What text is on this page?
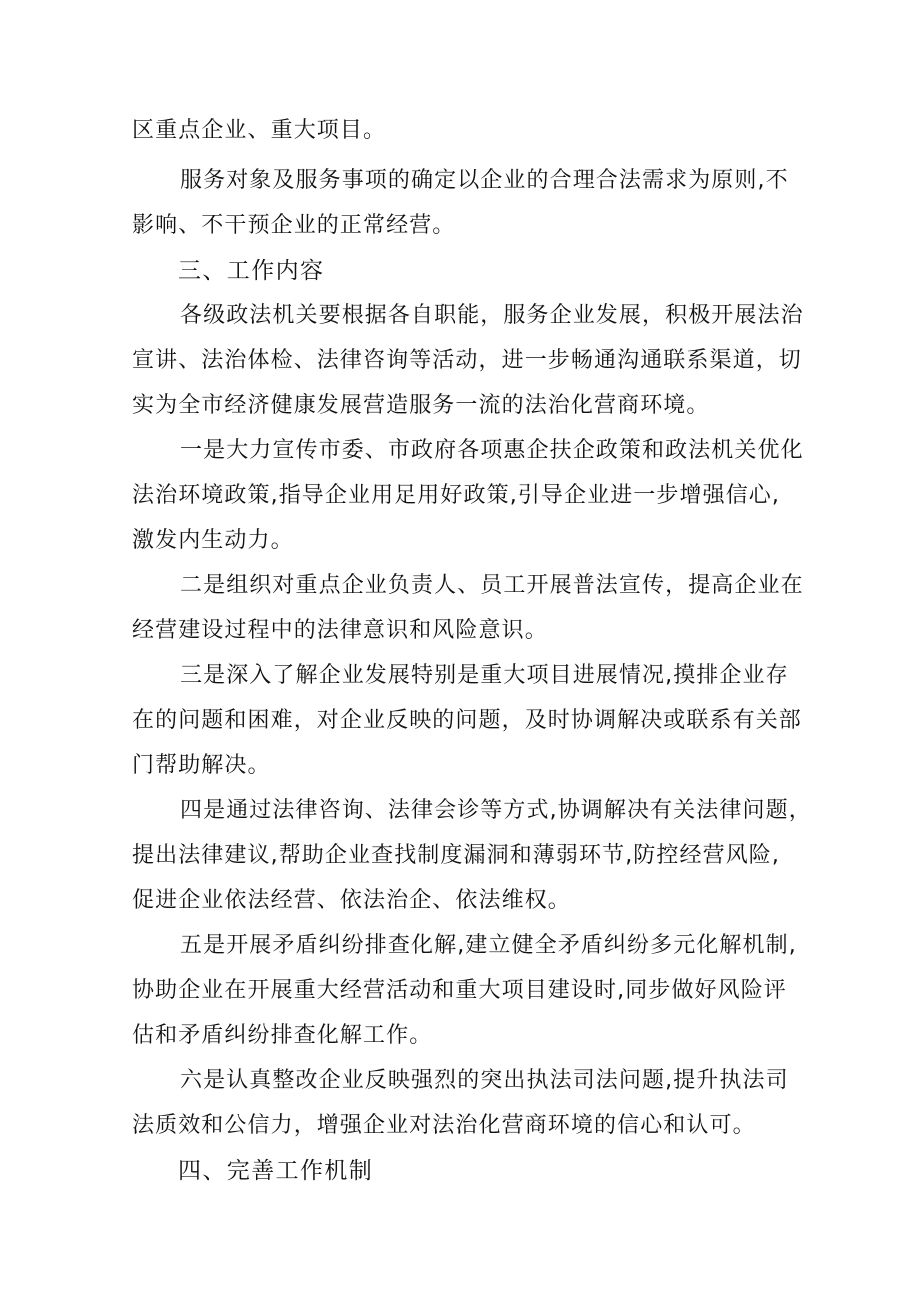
区重点企业、重大项目。
服务对象及服务事项的确定以企业的合理合法需求为原则,不
影响、不干预企业的正常经营。
三、工作内容
各级政法机关要根据各自职能，服务企业发展，积极开展法治
宣讲、法治体检、法律咨询等活动，进一步畅通沟通联系渠道，切
实为全市经济健康发展营造服务一流的法治化营商环境。
一是大力宣传市委、市政府各项惠企扶企政策和政法机关优化
法治环境政策,指导企业用足用好政策,引导企业进一步增强信心,
激发内生动力。
二是组织对重点企业负责人、员工开展普法宣传，提高企业在
经营建设过程中的法律意识和风险意识。
三是深入了解企业发展特别是重大项目进展情况,摸排企业存
在的问题和困难，对企业反映的问题，及时协调解决或联系有关部
门帮助解决。
四是通过法律咨询、法律会诊等方式,协调解决有关法律问题，
提出法律建议,帮助企业查找制度漏洞和薄弱环节,防控经营风险,
促进企业依法经营、依法治企、依法维权。
五是开展矛盾纠纷排查化解,建立健全矛盾纠纷多元化解机制,
协助企业在开展重大经营活动和重大项目建设时,同步做好风险评
估和矛盾纠纷排查化解工作。
六是认真整改企业反映强烈的突出执法司法问题,提升执法司
法质效和公信力，增强企业对法治化营商环境的信心和认可。
四、完善工作机制
